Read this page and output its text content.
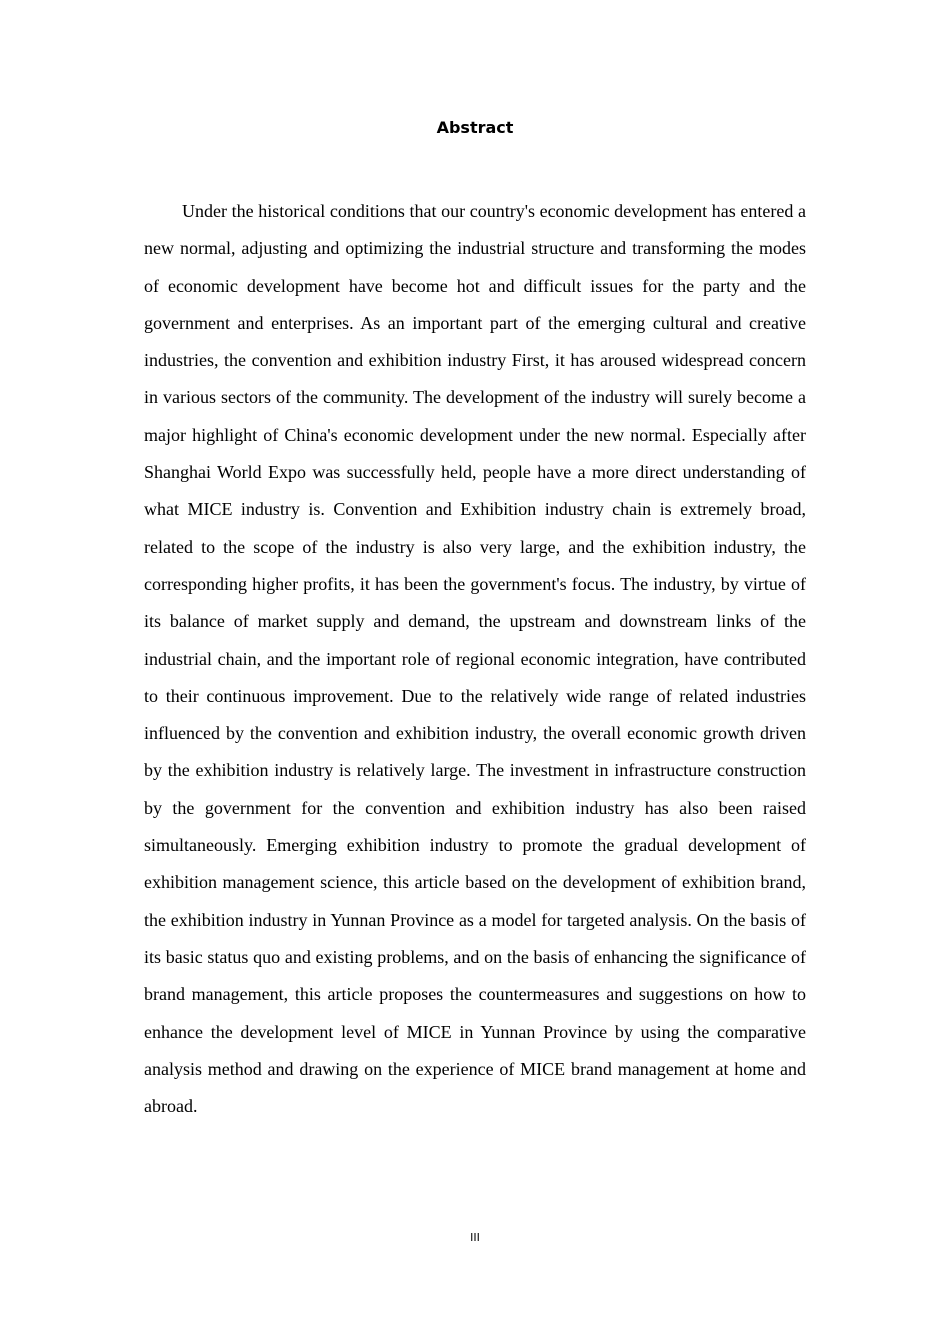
Abstract

Under the historical conditions that our country's economic development has entered a new normal, adjusting and optimizing the industrial structure and transforming the modes of economic development have become hot and difficult issues for the party and the government and enterprises. As an important part of the emerging cultural and creative industries, the convention and exhibition industry First, it has aroused widespread concern in various sectors of the community. The development of the industry will surely become a major highlight of China's economic development under the new normal. Especially after Shanghai World Expo was successfully held, people have a more direct understanding of what MICE industry is. Convention and Exhibition industry chain is extremely broad, related to the scope of the industry is also very large, and the exhibition industry, the corresponding higher profits, it has been the government's focus. The industry, by virtue of its balance of market supply and demand, the upstream and downstream links of the industrial chain, and the important role of regional economic integration, have contributed to their continuous improvement. Due to the relatively wide range of related industries influenced by the convention and exhibition industry, the overall economic growth driven by the exhibition industry is relatively large. The investment in infrastructure construction by the government for the convention and exhibition industry has also been raised simultaneously. Emerging exhibition industry to promote the gradual development of exhibition management science, this article based on the development of exhibition brand, the exhibition industry in Yunnan Province as a model for targeted analysis. On the basis of its basic status quo and existing problems, and on the basis of enhancing the significance of brand management, this article proposes the countermeasures and suggestions on how to enhance the development level of MICE in Yunnan Province by using the comparative analysis method and drawing on the experience of MICE brand management at home and abroad.

III
